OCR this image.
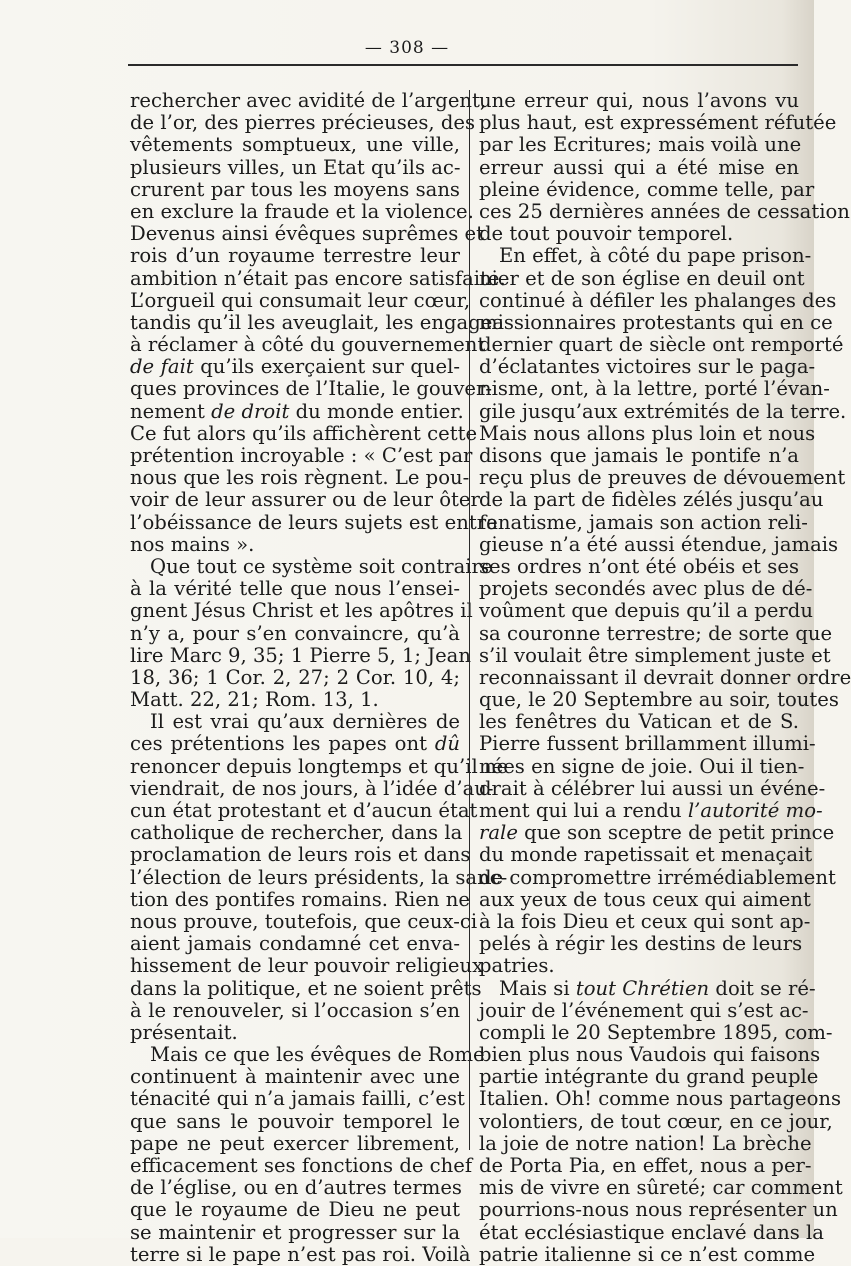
— 308 —
rechercher avec avidité de l’argent,
de l’or, des pierres précieuses, des
vêtements somptueux, une ville,
plusieurs villes, un Etat qu’ils ac-
crurent par tous les moyens sans
en exclure la fraude et la violence.
Devenus ainsi évêques suprêmes et
rois d’un royaume terrestre leur
ambition n’était pas encore satisfaite.
L’orgueil qui consumait leur cœur,
tandis qu’il les aveuglait, les engagea
à réclamer à côté du gouvernement
de fait qu’ils exerçaient sur quel-
ques provinces de l’Italie, le gouver-
nement de droit du monde entier.
Ce fut alors qu’ils affichèrent cette
prétention incroyable : « C’est par
nous que les rois règnent. Le pou-
voir de leur assurer ou de leur ôter
l’obéissance de leurs sujets est entre
nos mains ».
Que tout ce système soit contraire
à la vérité telle que nous l’ensei-
gnent Jésus Christ et les apôtres il
n’y a, pour s’en convaincre, qu’à
lire Marc 9, 35; 1 Pierre 5, 1; Jean
18, 36; 1 Cor. 2, 27; 2 Cor. 10, 4;
Matt. 22, 21; Rom. 13, 1.
Il est vrai qu’aux dernières de
ces prétentions les papes ont dû
renoncer depuis longtemps et qu’il ne
viendrait, de nos jours, à l’idée d’au-
cun état protestant et d’aucun état
catholique de rechercher, dans la
proclamation de leurs rois et dans
l’élection de leurs présidents, la sanc-
tion des pontifes romains. Rien ne
nous prouve, toutefois, que ceux-ci
aient jamais condamné cet enva-
hissement de leur pouvoir religieux
dans la politique, et ne soient prêts
à le renouveler, si l’occasion s’en
présentait.
Mais ce que les évêques de Rome
continuent à maintenir avec une
ténacité qui n’a jamais failli, c’est
que sans le pouvoir temporel le
pape ne peut exercer librement,
efficacement ses fonctions de chef
de l’église, ou en d’autres termes
que le royaume de Dieu ne peut
se maintenir et progresser sur la
terre si le pape n’est pas roi. Voilà
une erreur qui, nous l’avons vu
plus haut, est expressément réfutée
par les Ecritures; mais voilà une
erreur aussi qui a été mise en
pleine évidence, comme telle, par
ces 25 dernières années de cessation
de tout pouvoir temporel.
En effet, à côté du pape prison-
nier et de son église en deuil ont
continué à défiler les phalanges des
missionnaires protestants qui en ce
dernier quart de siècle ont remporté
d’éclatantes victoires sur le paga-
nisme, ont, à la lettre, porté l’évan-
gile jusqu’aux extrémités de la terre.
Mais nous allons plus loin et nous
disons que jamais le pontife n’a
reçu plus de preuves de dévouement
de la part de fidèles zélés jusqu’au
fanatisme, jamais son action reli-
gieuse n’a été aussi étendue, jamais
ses ordres n’ont été obéis et ses
projets secondés avec plus de dé-
voûment que depuis qu’il a perdu
sa couronne terrestre; de sorte que
s’il voulait être simplement juste et
reconnaissant il devrait donner ordre
que, le 20 Septembre au soir, toutes
les fenêtres du Vatican et de S.
Pierre fussent brillamment illumi-
nées en signe de joie. Oui il tien-
drait à célébrer lui aussi un événe-
ment qui lui a rendu l’autorité mo-
rale que son sceptre de petit prince
du monde rapetissait et menaçait
de compromettre irrémédiablement
aux yeux de tous ceux qui aiment
à la fois Dieu et ceux qui sont ap-
pelés à régir les destins de leurs
patries.
Mais si tout Chrétien doit se ré-
jouir de l’événement qui s’est ac-
compli le 20 Septembre 1895, com-
bien plus nous Vaudois qui faisons
partie intégrante du grand peuple
Italien. Oh! comme nous partageons
volontiers, de tout cœur, en ce jour,
la joie de notre nation! La brèche
de Porta Pia, en effet, nous a per-
mis de vivre en sûreté; car comment
pourrions-nous nous représenter un
état ecclésiastique enclavé dans la
patrie italienne si ce n’est comme
